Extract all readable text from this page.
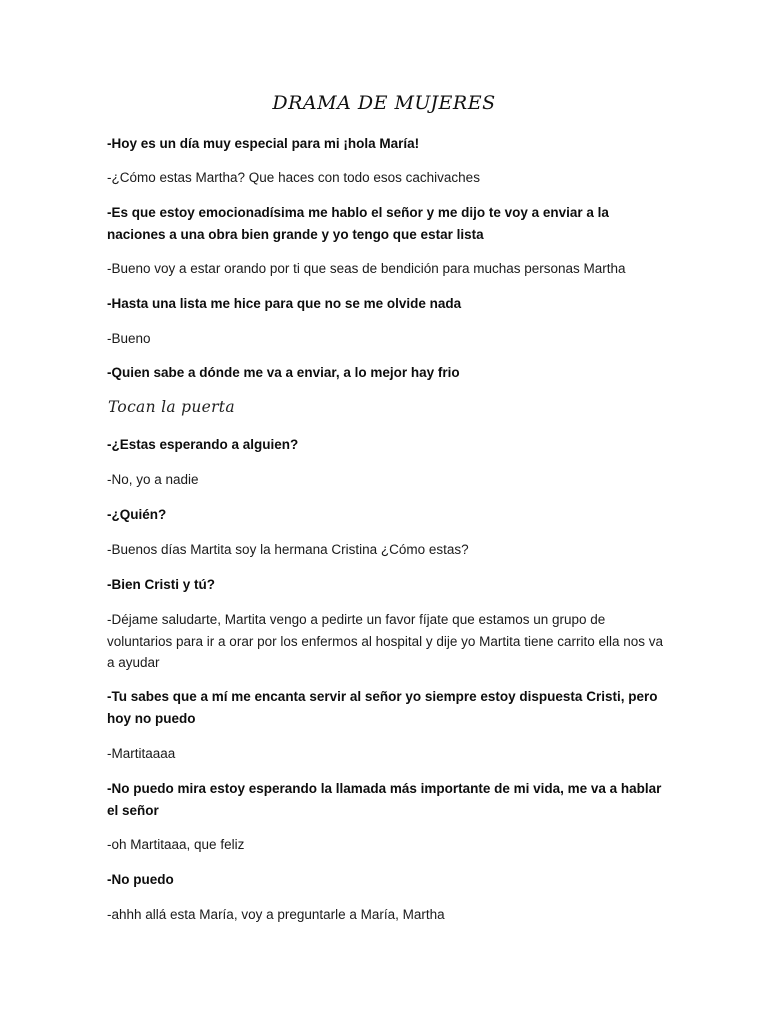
DRAMA DE MUJERES
-Hoy es un día muy especial para mi ¡hola María!
-¿Cómo estas Martha? Que haces con todo esos cachivaches
-Es que estoy emocionadísima me hablo el señor y me dijo te voy a enviar a la naciones a una obra bien grande y yo tengo que estar lista
-Bueno voy a estar orando por ti que seas de bendición para muchas personas Martha
-Hasta una lista me hice para que no se me olvide nada
-Bueno
-Quien sabe a dónde me va a enviar, a lo mejor hay frio
Tocan la puerta
-¿Estas esperando a alguien?
-No, yo a nadie
-¿Quién?
-Buenos días Martita soy la hermana Cristina ¿Cómo estas?
-Bien Cristi y tú?
-Déjame saludarte, Martita vengo a pedirte un favor fíjate que estamos un grupo de voluntarios para ir a orar por los enfermos al hospital y dije yo Martita tiene carrito ella nos va a ayudar
-Tu sabes que a mí me encanta servir al señor yo siempre estoy dispuesta Cristi, pero hoy no puedo
-Martitaaaa
-No puedo mira estoy esperando la llamada más importante de mi vida, me va a hablar el señor
-oh Martitaaa, que feliz
-No puedo
-ahhh allá esta María, voy a preguntarle a María, Martha
